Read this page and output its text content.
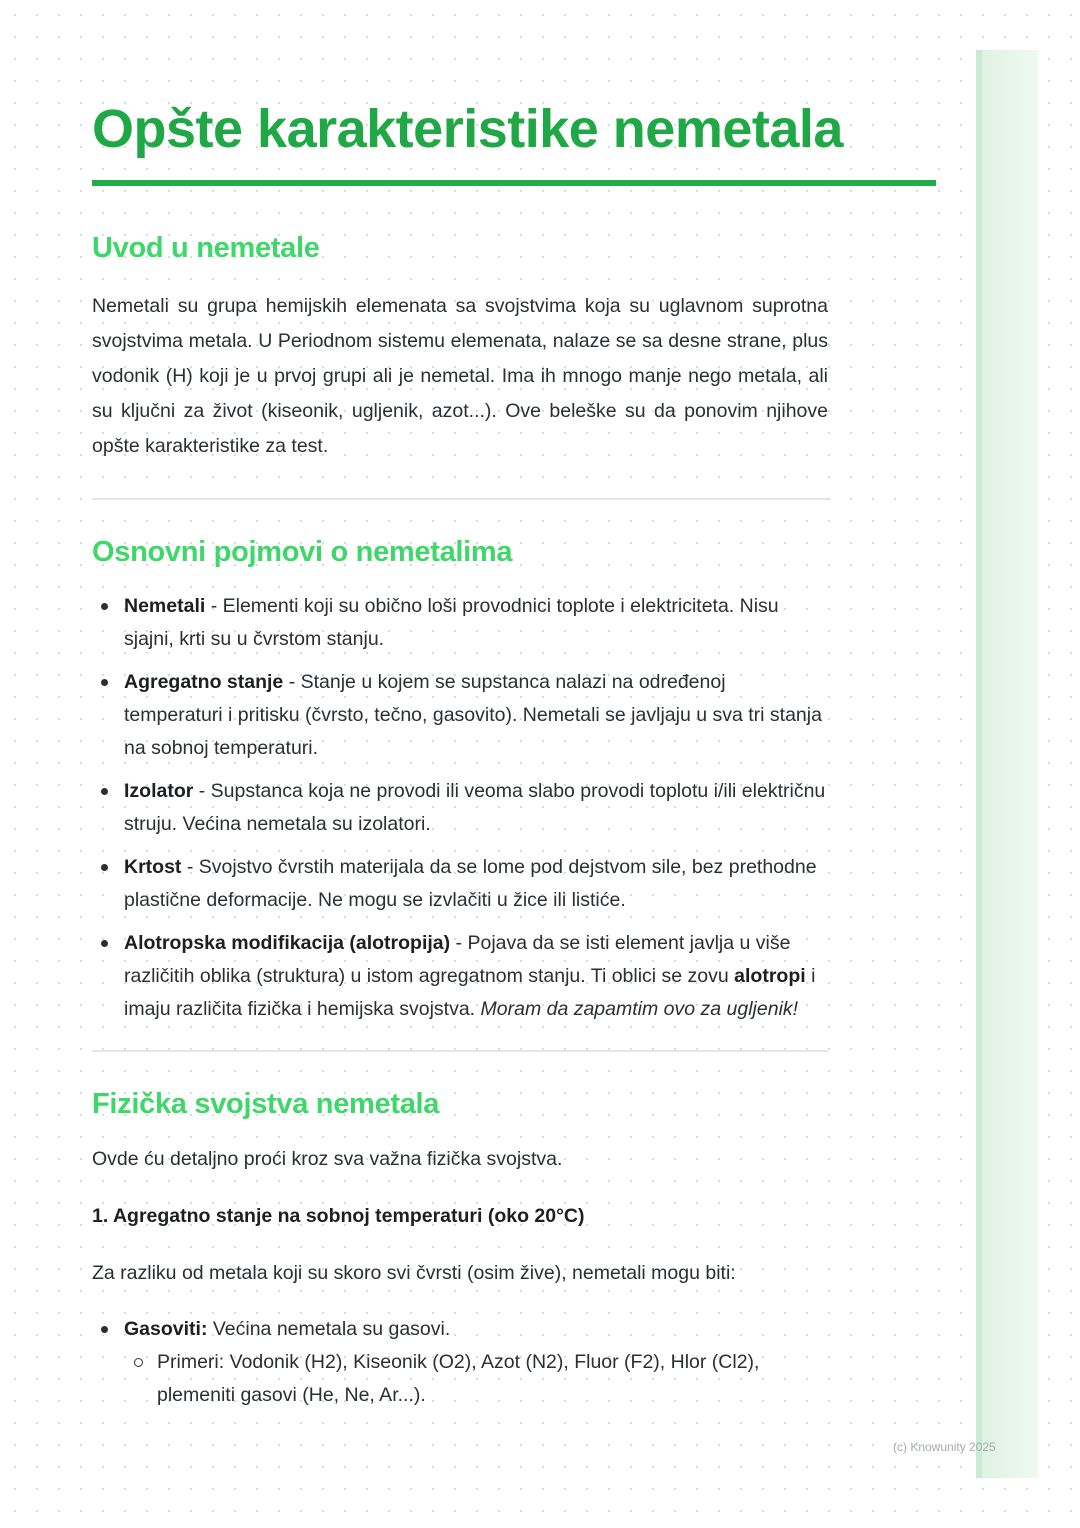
(c) Knowunity 2025
Opšte karakteristike nemetala
Uvod u nemetale

Nemetali su grupa hemijskih elemenata sa svojstvima koja su uglavnom suprotna svojstvima metala. U Periodnom sistemu elemenata, nalaze se sa desne strane, plus vodonik (H) koji je u prvoj grupi ali je nemetal. Ima ih mnogo manje nego metala, ali su ključni za život (kiseonik, ugljenik, azot...). Ove beleške su da ponovim njihove opšte karakteristike za test.

Osnovni pojmovi o nemetalima
Nemetali - Elementi koji su obično loši provodnici toplote i elektriciteta. Nisu sjajni, krti su u čvrstom stanju.
Agregatno stanje - Stanje u kojem se supstanca nalazi na određenoj temperaturi i pritisku (čvrsto, tečno, gasovito). Nemetali se javljaju u sva tri stanja na sobnoj temperaturi.
Izolator - Supstanca koja ne provodi ili veoma slabo provodi toplotu i/ili električnu struju. Većina nemetala su izolatori.
Krtost - Svojstvo čvrstih materijala da se lome pod dejstvom sile, bez prethodne plastične deformacije. Ne mogu se izvlačiti u žice ili listiće.
Alotropska modifikacija (alotropija) - Pojava da se isti element javlja u više različitih oblika (struktura) u istom agregatnom stanju. Ti oblici se zovu alotropi i imaju različita fizička i hemijska svojstva. Moram da zapamtim ovo za ugljenik!
Fizička svojstva nemetala

Ovde ću detaljno proći kroz sva važna fizička svojstva.

1. Agregatno stanje na sobnoj temperaturi (oko 20°C)

Za razliku od metala koji su skoro svi čvrsti (osim žive), nemetali mogu biti:

Gasoviti: Većina nemetala su gasovi.
Primeri: Vodonik (H2), Kiseonik (O2), Azot (N2), Fluor (F2), Hlor (Cl2), plemeniti gasovi (He, Ne, Ar...).
